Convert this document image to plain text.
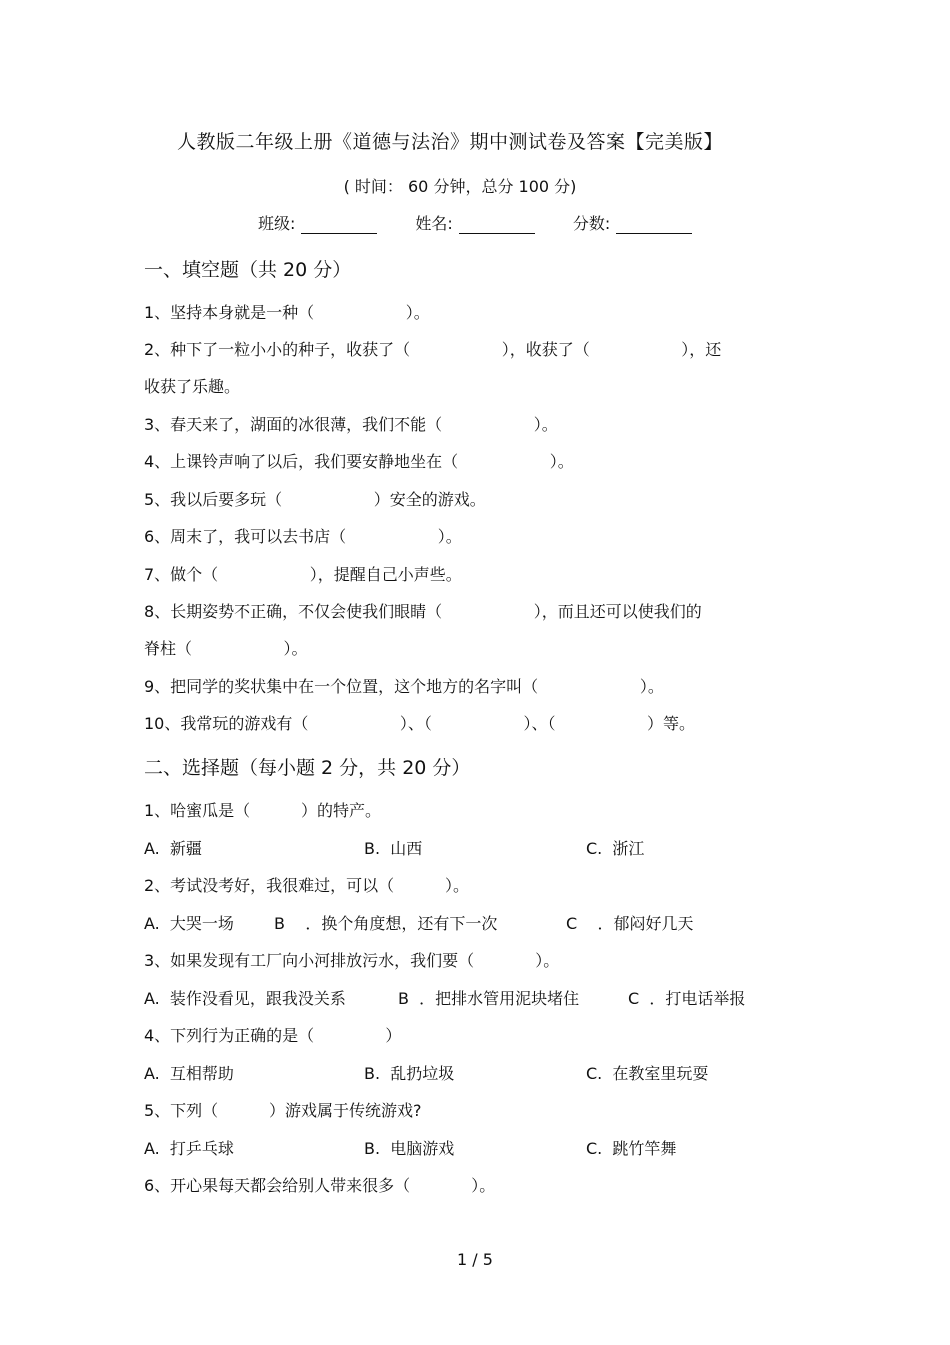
人教版二年级上册《道德与法治》期中测试卷及答案【完美版】
( 时间： 60 分钟，总分 100 分)
班级:	姓名:	分数:
一、填空题（共 20 分）
1、坚持本身就是一种（                  ）。
2、种下了一粒小小的种子，收获了（                  ），收获了（                  ），还
收获了乐趣。
3、春天来了，湖面的冰很薄，我们不能（                  ）。
4、上课铃声响了以后，我们要安静地坐在（                  ）。
5、我以后要多玩（                  ）安全的游戏。
6、周末了，我可以去书店（                  ）。
7、做个（                  ），提醒自己小声些。
8、长期姿势不正确，不仅会使我们眼睛（                  ），而且还可以使我们的
脊柱（                  ）。
9、把同学的奖状集中在一个位置，这个地方的名字叫（                    ）。
10、我常玩的游戏有（                  ）、（                  ）、（                  ）等。
二、选择题（每小题 2 分，共 20 分）
1、哈蜜瓜是（          ）的特产。

A.  新疆

	B.  山西

	C.  浙江

2、考试没考好，我很难过，可以（          ）。

A.  大哭一场

	B    ．换个角度想，还有下一次

	C    ．郁闷好几天

3、如果发现有工厂向小河排放污水，我们要（            ）。

A.  装作没看见，跟我没关系

	B  ．把排水管用泥块堵住

	C  ．打电话举报

4、下列行为正确的是（              ）

A.  互相帮助

	B.  乱扔垃圾

	C.  在教室里玩耍

5、下列（          ）游戏属于传统游戏?

A.  打乒乓球

	B.  电脑游戏

	C.  跳竹竿舞

6、开心果每天都会给别人带来很多（            ）。
1 / 5
